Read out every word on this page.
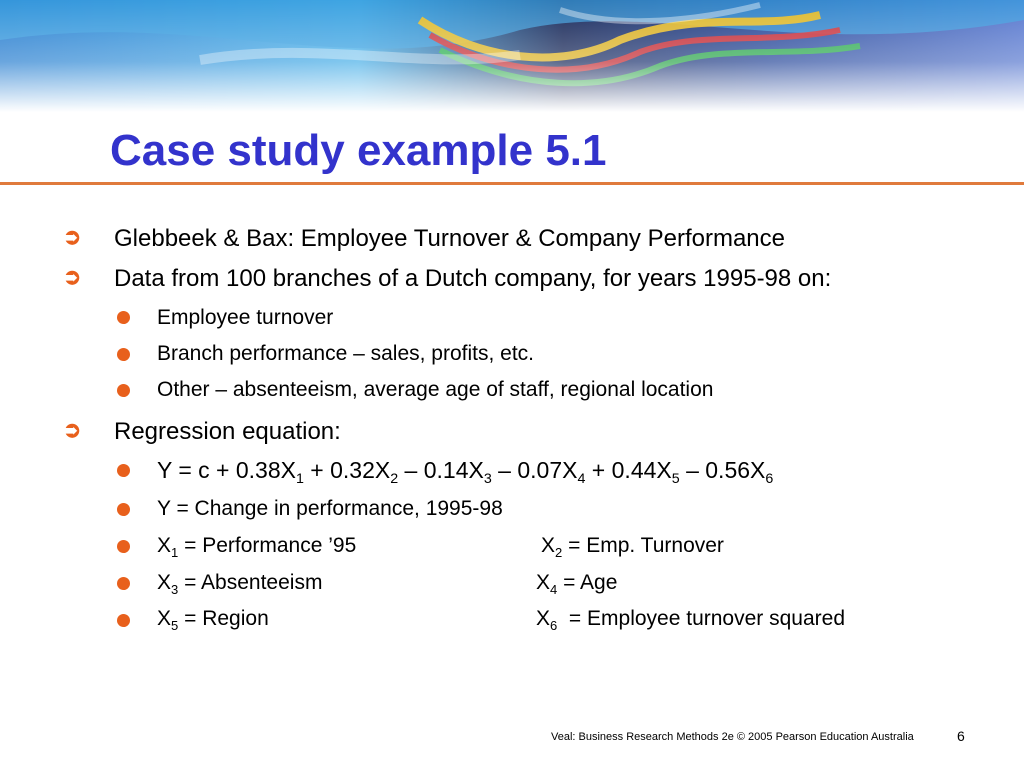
Case study example 5.1
➲ Glebbeek & Bax: Employee Turnover & Company Performance
➲ Data from 100 branches of a Dutch company, for years 1995-98 on:
Employee turnover
Branch performance – sales, profits, etc.
Other – absenteeism, average age of staff, regional location
➲ Regression equation:
$Y = c + 0.38X_1 + 0.32X_2 - 0.14X_3 - 0.07X_4 + 0.44X_5 - 0.56X_6$
Y = Change in performance, 1995-98
$X_1$ = Performance ’95	$X_2$ = Emp. Turnover
$X_3$ = Absenteeism	$X_4$ = Age
$X_5$ = Region	$X_6$  = Employee turnover squared
Veal: Business Research Methods 2e © 2005 Pearson Education Australia	6
